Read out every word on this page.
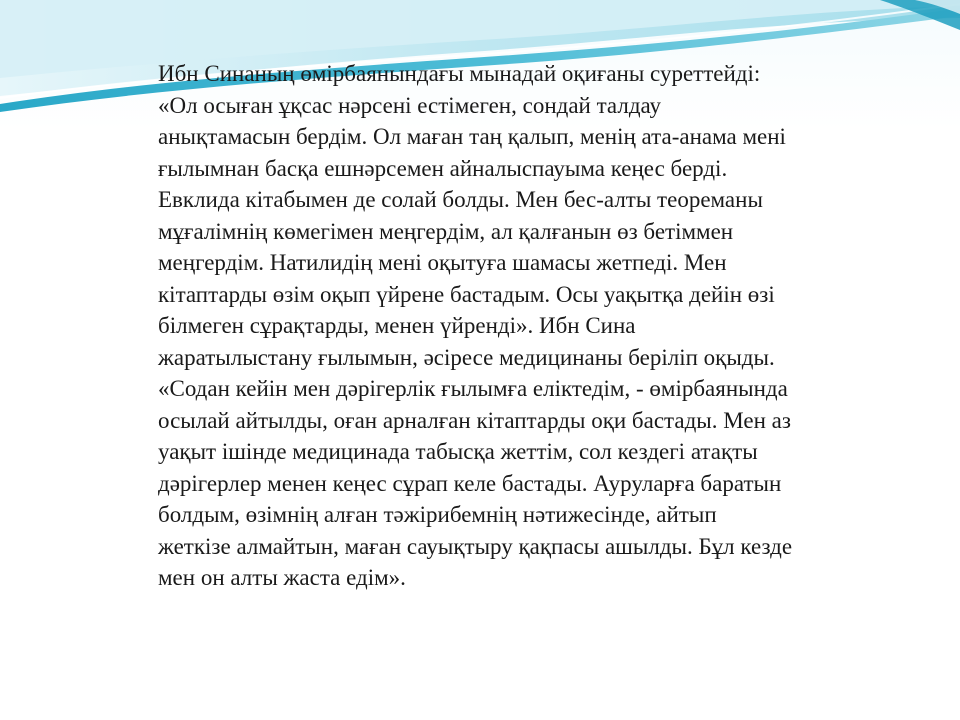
Ибн Синаның өмірбаянындағы мынадай оқиғаны суреттейді:
«Ол осыған ұқсас нәрсені естімеген, сондай талдау
анықтамасын бердім. Ол маған таң қалып, менің ата-анама мені
ғылымнан басқа ешнәрсемен айналыспауыма кеңес берді.
Евклида кітабымен де солай болды. Мен бес-алты теореманы
мұғалімнің көмегімен меңгердім, ал қалғанын өз бетіммен
меңгердім. Натилидің мені оқытуға шамасы жетпеді. Мен
кітаптарды өзім оқып үйрене бастадым. Осы уақытқа дейін өзі
білмеген сұрақтарды, менен үйренді». Ибн Сина
жаратылыстану ғылымын, әсіресе медицинаны беріліп оқыды.
«Содан кейін мен дәрігерлік ғылымға еліктедім, - өмірбаянында
осылай айтылды, оған арналған кітаптарды оқи бастады. Мен аз
уақыт ішінде медицинада табысқа жеттім, сол кездегі атақты
дәрігерлер менен кеңес сұрап келе бастады. Ауруларға баратын
болдым, өзімнің алған тәжірибемнің нәтижесінде, айтып
жеткізе алмайтын, маған сауықтыру қақпасы ашылды. Бұл кезде
мен он алты жаста едім».
